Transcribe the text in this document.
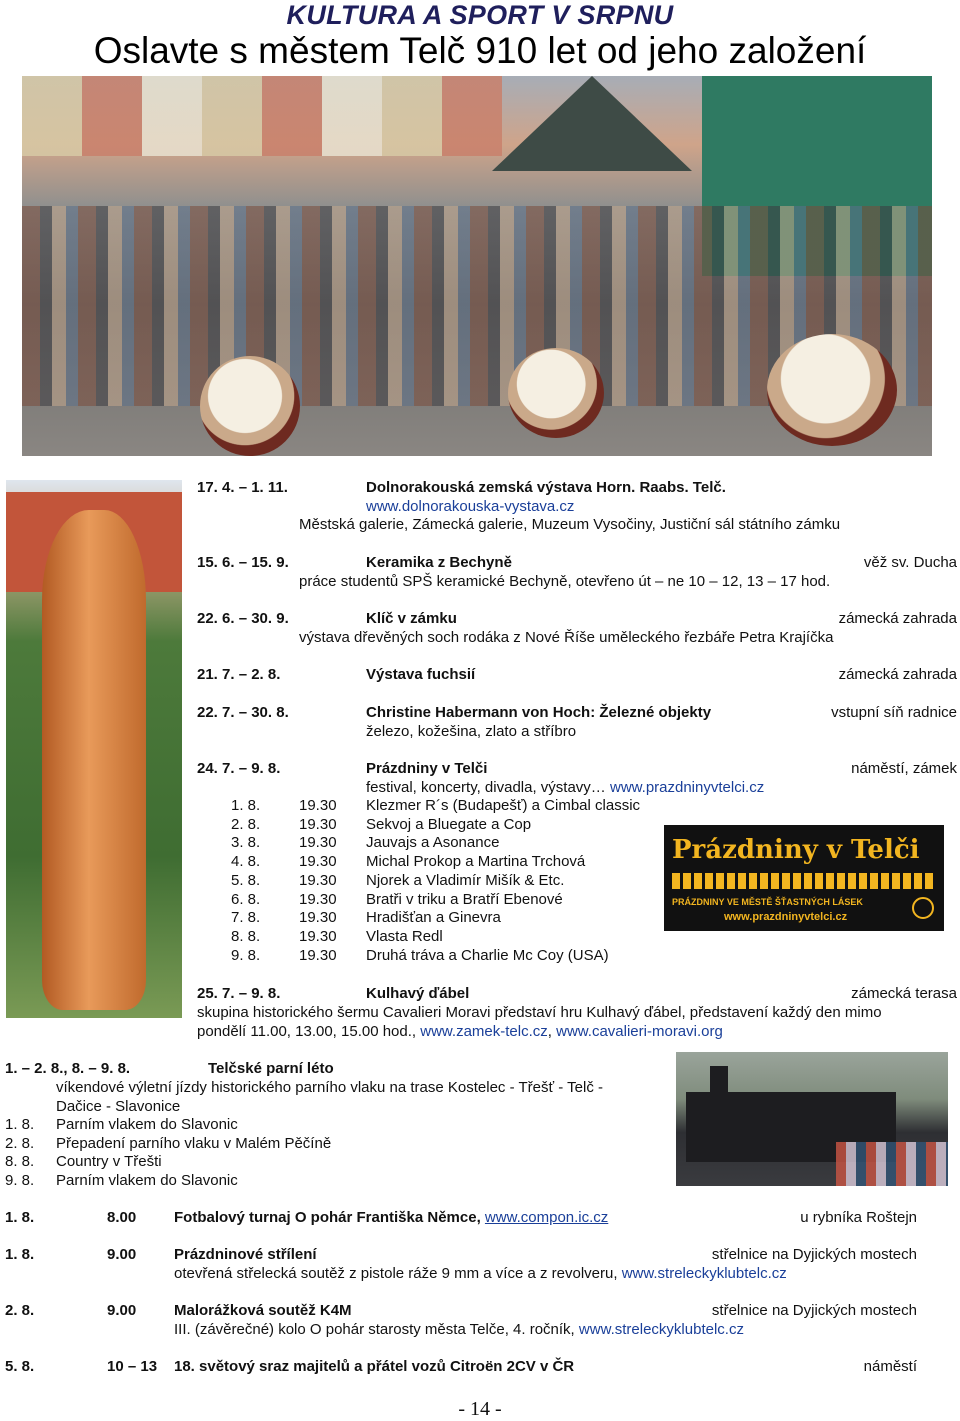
KULTURA A SPORT V SRPNU
Oslavte s městem Telč 910 let od jeho založení
17. 4. – 1. 11.	Dolnorakouská zemská výstava Horn. Raabs. Telč.
www.dolnorakouska-vystava.cz
Městská galerie, Zámecká galerie, Muzeum Vysočiny, Justiční sál státního zámku
15. 6. – 15. 9.	Keramika z Bechyně	věž sv. Ducha
práce studentů SPŠ keramické Bechyně, otevřeno út – ne 10 – 12, 13 – 17 hod.
22. 6. – 30. 9.	Klíč v zámku	zámecká zahrada
výstava dřevěných soch rodáka z Nové Říše uměleckého řezbáře Petra Krajíčka
21. 7. – 2. 8.	Výstava fuchsií	zámecká zahrada
22. 7. – 30. 8.	Christine Habermann von Hoch: Železné objekty	vstupní síň radnice
železo, kožešina, zlato a stříbro
24. 7. – 9. 8.	Prázdniny v Telči	náměstí, zámek
festival, koncerty, divadla, výstavy… www.prazdninyvtelci.cz
1. 8.	19.30 Klezmer R´s (Budapešť) a Cimbal classic
2. 8.	19.30 Sekvoj a Bluegate a Cop
3. 8.	19.30 Jauvajs a Asonance
4. 8.	19.30 Michal Prokop a Martina Trchová
5. 8.	19.30 Njorek a Vladimír Mišík & Etc.
6. 8.	19.30 Bratři v triku a Bratří Ebenové
7. 8.	19.30 Hradišťan a Ginevra
8. 8.	19.30 Vlasta Redl
9. 8.	19.30 Druhá tráva a Charlie Mc Coy (USA)
Prázdniny v Telči
PRÁZDNINY VE MĚSTĚ ŠŤASTNÝCH LÁSEK
www.prazdninyvtelci.cz
25. 7. – 9. 8.	Kulhavý ďábel	zámecká terasa
skupina historického šermu Cavalieri Moravi představí hru Kulhavý ďábel, představení každý den mimo
pondělí 11.00, 13.00, 15.00 hod., www.zamek-telc.cz, www.cavalieri-moravi.org
1. – 2. 8., 8. – 9. 8.	Telčské parní léto
víkendové výletní jízdy historického parního vlaku na trase Kostelec - Třešť - Telč -
Dačice - Slavonice
1. 8. Parním vlakem do Slavonic
2. 8. Přepadení parního vlaku v Malém Pěčíně
8. 8. Country v Třešti
9. 8. Parním vlakem do Slavonic
1. 8.	8.00	Fotbalový turnaj O pohár Františka Němce, www.compon.ic.cz	u rybníka Roštejn
1. 8.	9.00	Prázdninové střílení	střelnice na Dyjických mostech
otevřená střelecká soutěž z pistole ráže 9 mm a více a z revolveru, www.streleckyklubtelc.cz
2. 8.	9.00	Malorážková soutěž K4M	střelnice na Dyjických mostech
III. (závěrečné) kolo O pohár starosty města Telče, 4. ročník, www.streleckyklubtelc.cz
5. 8.	10 – 13 18. světový sraz majitelů a přátel vozů Citroën 2CV v ČR	náměstí
- 14 -
